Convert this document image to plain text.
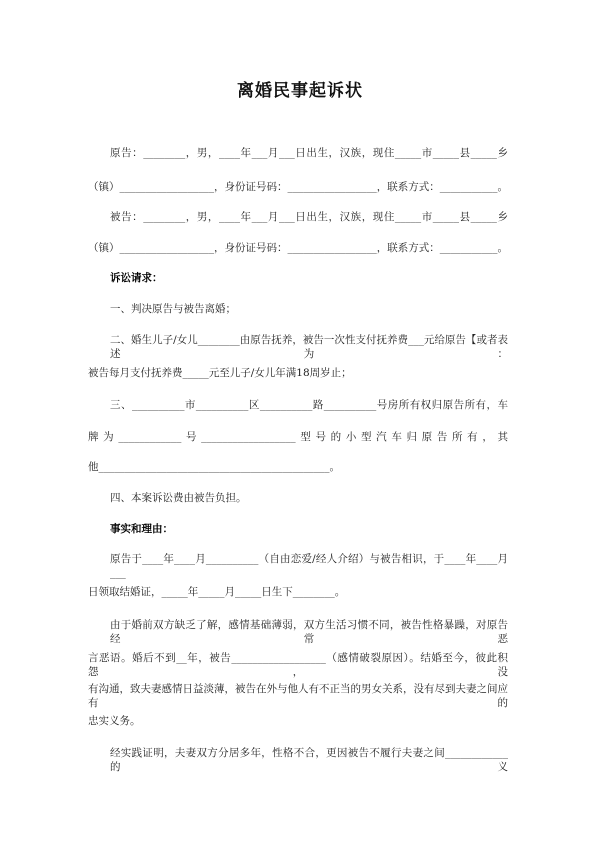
离婚民事起诉状
原告：________，男，____年___月___日出生，汉族，现住_____市_____县_____乡
（镇）__________________，身份证号码：_________________，联系方式：___________。
被告：________，男，____年___月___日出生，汉族，现住_____市_____县_____乡
（镇）__________________，身份证号码：_________________，联系方式：___________。
诉讼请求：
一、判决原告与被告离婚；
二、婚生儿子/女儿________由原告抚养，被告一次性支付抚养费___元给原告【或者表述为：
被告每月支付抚养费_____元至儿子/女儿年满18周岁止；
三、__________市__________区__________路__________号房所有权归原告所有，车
牌为____________号__________________型号的小型汽车归原告所有，其
他____________________________________________。
四、本案诉讼费由被告负担。
事实和理由：
原告于____年____月__________（自由恋爱/经人介绍）与被告相识，于____年____月___
日领取结婚证，_____年_____月_____日生下________。
由于婚前双方缺乏了解，感情基础薄弱，双方生活习惯不同，被告性格暴躁，对原告经常恶
言恶语。婚后不到__年，被告__________________（感情破裂原因）。结婚至今，彼此积怨，没
有沟通，致夫妻感情日益淡薄，被告在外与他人有不正当的男女关系，没有尽到夫妻之间应有的
忠实义务。
经实践证明，夫妻双方分居多年，性格不合，更因被告不履行夫妻之间____________的义
